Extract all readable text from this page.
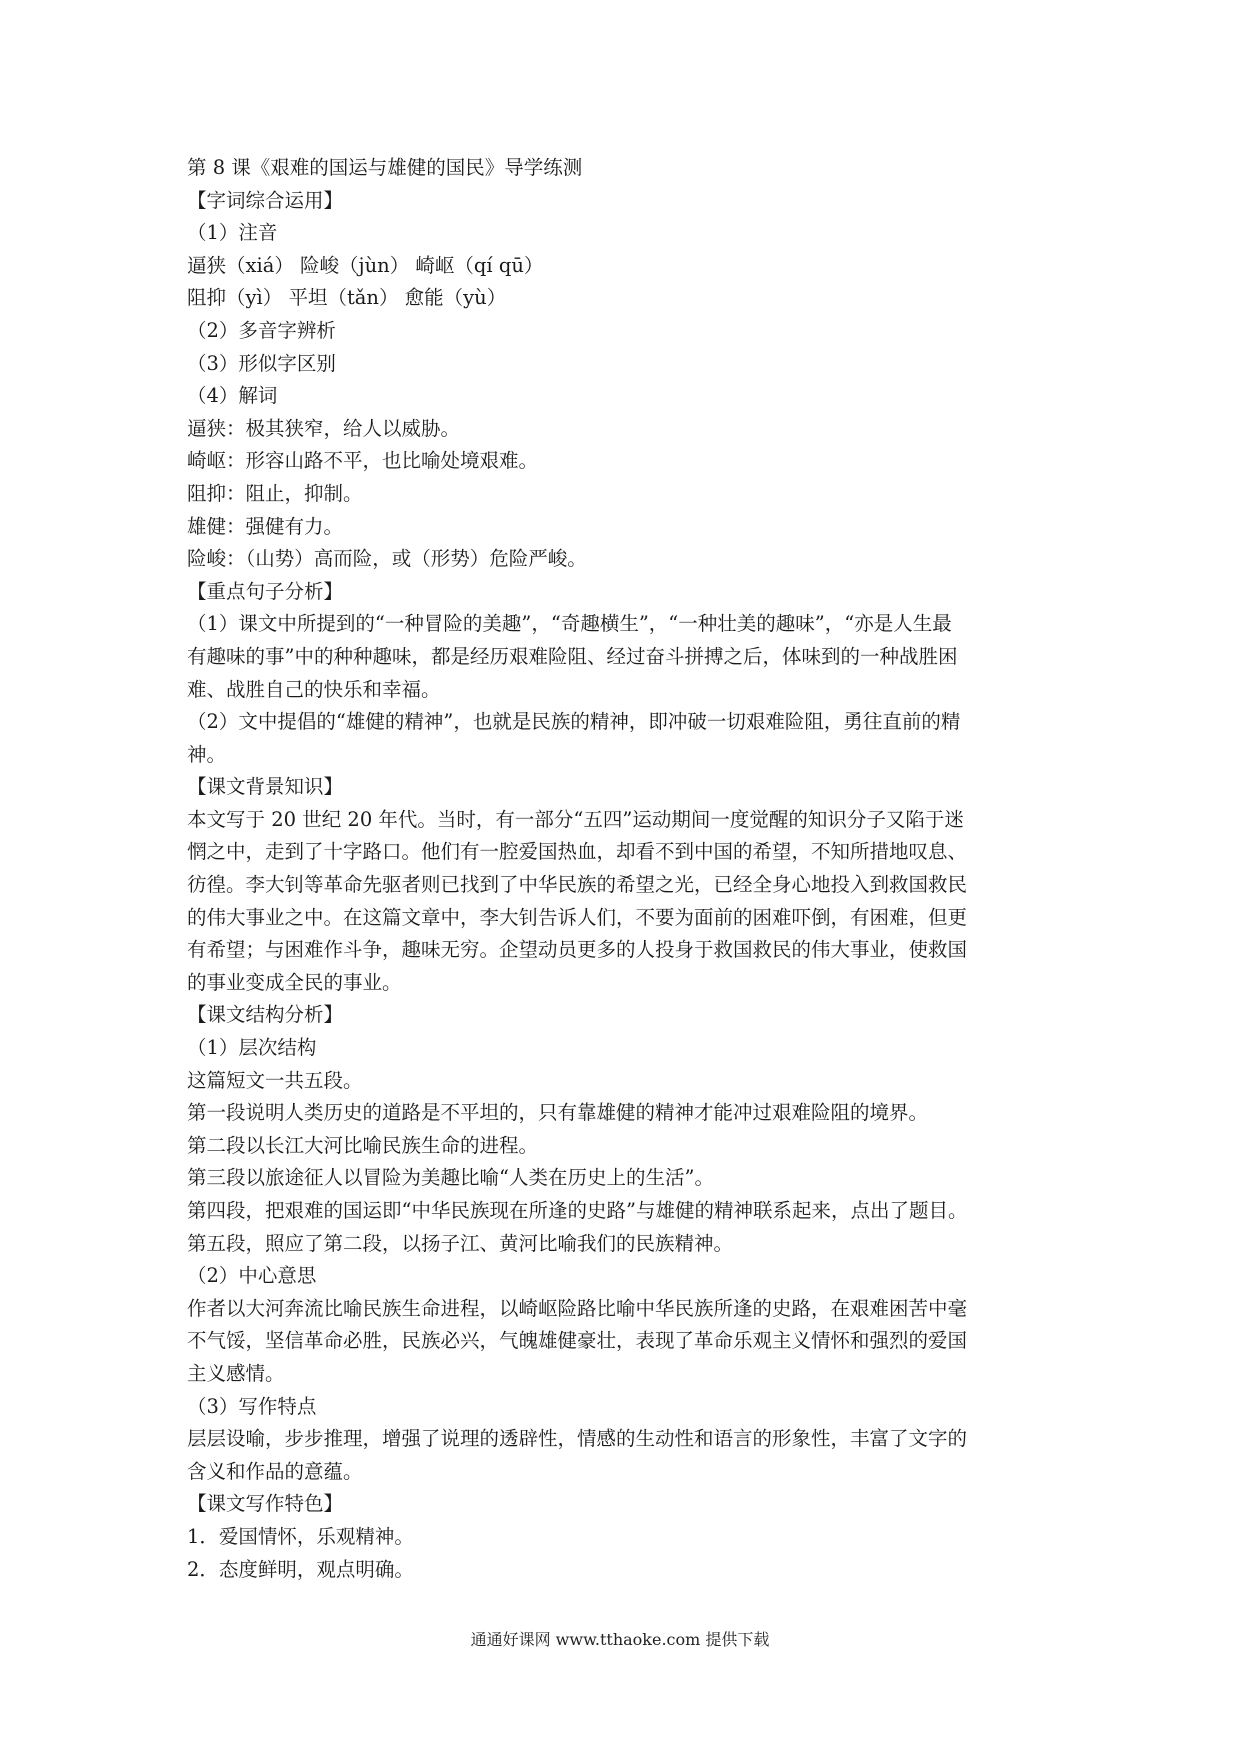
第 8 课《艰难的国运与雄健的国民》导学练测
【字词综合运用】
（1）注音
逼狭（xiá） 险峻（jùn） 崎岖（qí qū）
阻抑（yì） 平坦（tǎn） 愈能（yù）
（2）多音字辨析
（3）形似字区别
（4）解词
逼狭：极其狭窄，给人以威胁。
崎岖：形容山路不平，也比喻处境艰难。
阻抑：阻止，抑制。
雄健：强健有力。
险峻：（山势）高而险，或（形势）危险严峻。
【重点句子分析】
（1）课文中所提到的“一种冒险的美趣”，“奇趣横生”，“一种壮美的趣味”，“亦是人生最
有趣味的事”中的种种趣味，都是经历艰难险阻、经过奋斗拼搏之后，体味到的一种战胜困
难、战胜自己的快乐和幸福。
（2）文中提倡的“雄健的精神”，也就是民族的精神，即冲破一切艰难险阻，勇往直前的精
神。
【课文背景知识】
本文写于 20 世纪 20 年代。当时，有一部分“五四”运动期间一度觉醒的知识分子又陷于迷
惘之中，走到了十字路口。他们有一腔爱国热血，却看不到中国的希望，不知所措地叹息、
彷徨。李大钊等革命先驱者则已找到了中华民族的希望之光，已经全身心地投入到救国救民
的伟大事业之中。在这篇文章中，李大钊告诉人们，不要为面前的困难吓倒，有困难，但更
有希望；与困难作斗争，趣味无穷。企望动员更多的人投身于救国救民的伟大事业，使救国
的事业变成全民的事业。
【课文结构分析】
（1）层次结构
这篇短文一共五段。
第一段说明人类历史的道路是不平坦的，只有靠雄健的精神才能冲过艰难险阻的境界。
第二段以长江大河比喻民族生命的进程。
第三段以旅途征人以冒险为美趣比喻“人类在历史上的生活”。
第四段，把艰难的国运即“中华民族现在所逢的史路”与雄健的精神联系起来，点出了题目。
第五段，照应了第二段，以扬子江、黄河比喻我们的民族精神。
（2）中心意思
作者以大河奔流比喻民族生命进程，以崎岖险路比喻中华民族所逢的史路，在艰难困苦中毫
不气馁，坚信革命必胜，民族必兴，气魄雄健豪壮，表现了革命乐观主义情怀和强烈的爱国
主义感情。
（3）写作特点
层层设喻，步步推理，增强了说理的透辟性，情感的生动性和语言的形象性，丰富了文字的
含义和作品的意蕴。
【课文写作特色】
1．爱国情怀，乐观精神。
2．态度鲜明，观点明确。
通通好课网 www.tthaoke.com 提供下载
